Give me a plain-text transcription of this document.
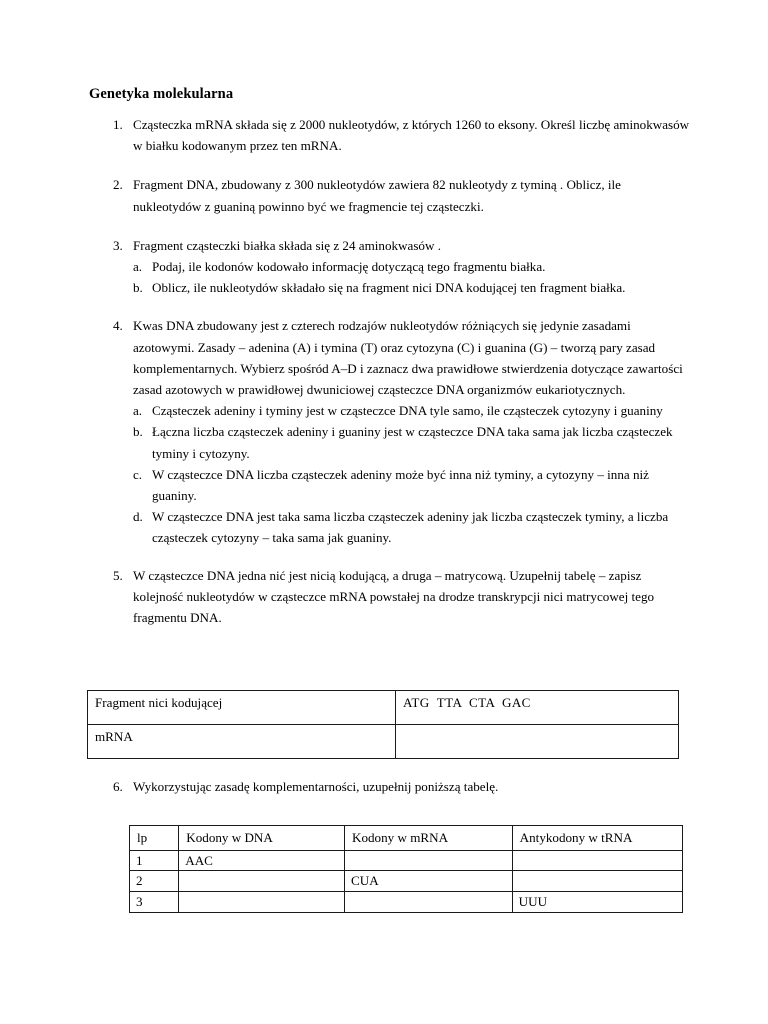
Genetyka molekularna
1. Cząsteczka mRNA składa się z 2000 nukleotydów, z których 1260 to eksony. Określ liczbę aminokwasów w białku kodowanym przez ten mRNA.
2. Fragment DNA, zbudowany z 300 nukleotydów zawiera 82 nukleotydy z tyminą . Oblicz, ile nukleotydów z guaniną powinno być we fragmencie tej cząsteczki.
3. Fragment cząsteczki białka składa się z 24 aminokwasów .
a. Podaj, ile kodonów kodowało informację dotyczącą tego fragmentu białka.
b. Oblicz, ile nukleotydów składało się na fragment nici DNA kodującej ten fragment białka.
4. Kwas DNA zbudowany jest z czterech rodzajów nukleotydów różniących się jedynie zasadami azotowymi. Zasady – adenina (A) i tymina (T) oraz cytozyna (C) i guanina (G) – tworzą pary zasad komplementarnych. Wybierz spośród A–D i zaznacz dwa prawidłowe stwierdzenia dotyczące zawartości zasad azotowych w prawidłowej dwuniciowej cząsteczce DNA organizmów eukariotycznych.
a. Cząsteczek adeniny i tyminy jest w cząsteczce DNA tyle samo, ile cząsteczek cytozyny i guaniny
b. Łączna liczba cząsteczek adeniny i guaniny jest w cząsteczce DNA taka sama jak liczba cząsteczek tyminy i cytozyny.
c. W cząsteczce DNA liczba cząsteczek adeniny może być inna niż tyminy, a cytozyny – inna niż guaniny.
d. W cząsteczce DNA jest taka sama liczba cząsteczek adeniny jak liczba cząsteczek tyminy, a liczba cząsteczek cytozyny – taka sama jak guaniny.
5. W cząsteczce DNA jedna nić jest nicią kodującą, a druga – matrycową. Uzupełnij tabelę – zapisz kolejność nukleotydów w cząsteczce mRNA powstałej na drodze transkrypcji nici matrycowej tego fragmentu DNA.
Fragment nici kodującej	ATG  TTA  CTA  GAC
mRNA	
6. Wykorzystując zasadę komplementarności, uzupełnij poniższą tabelę.
lp	Kodony w DNA	Kodony w mRNA	Antykodony w tRNA
1	AAC		
2		CUA	
3			UUU
